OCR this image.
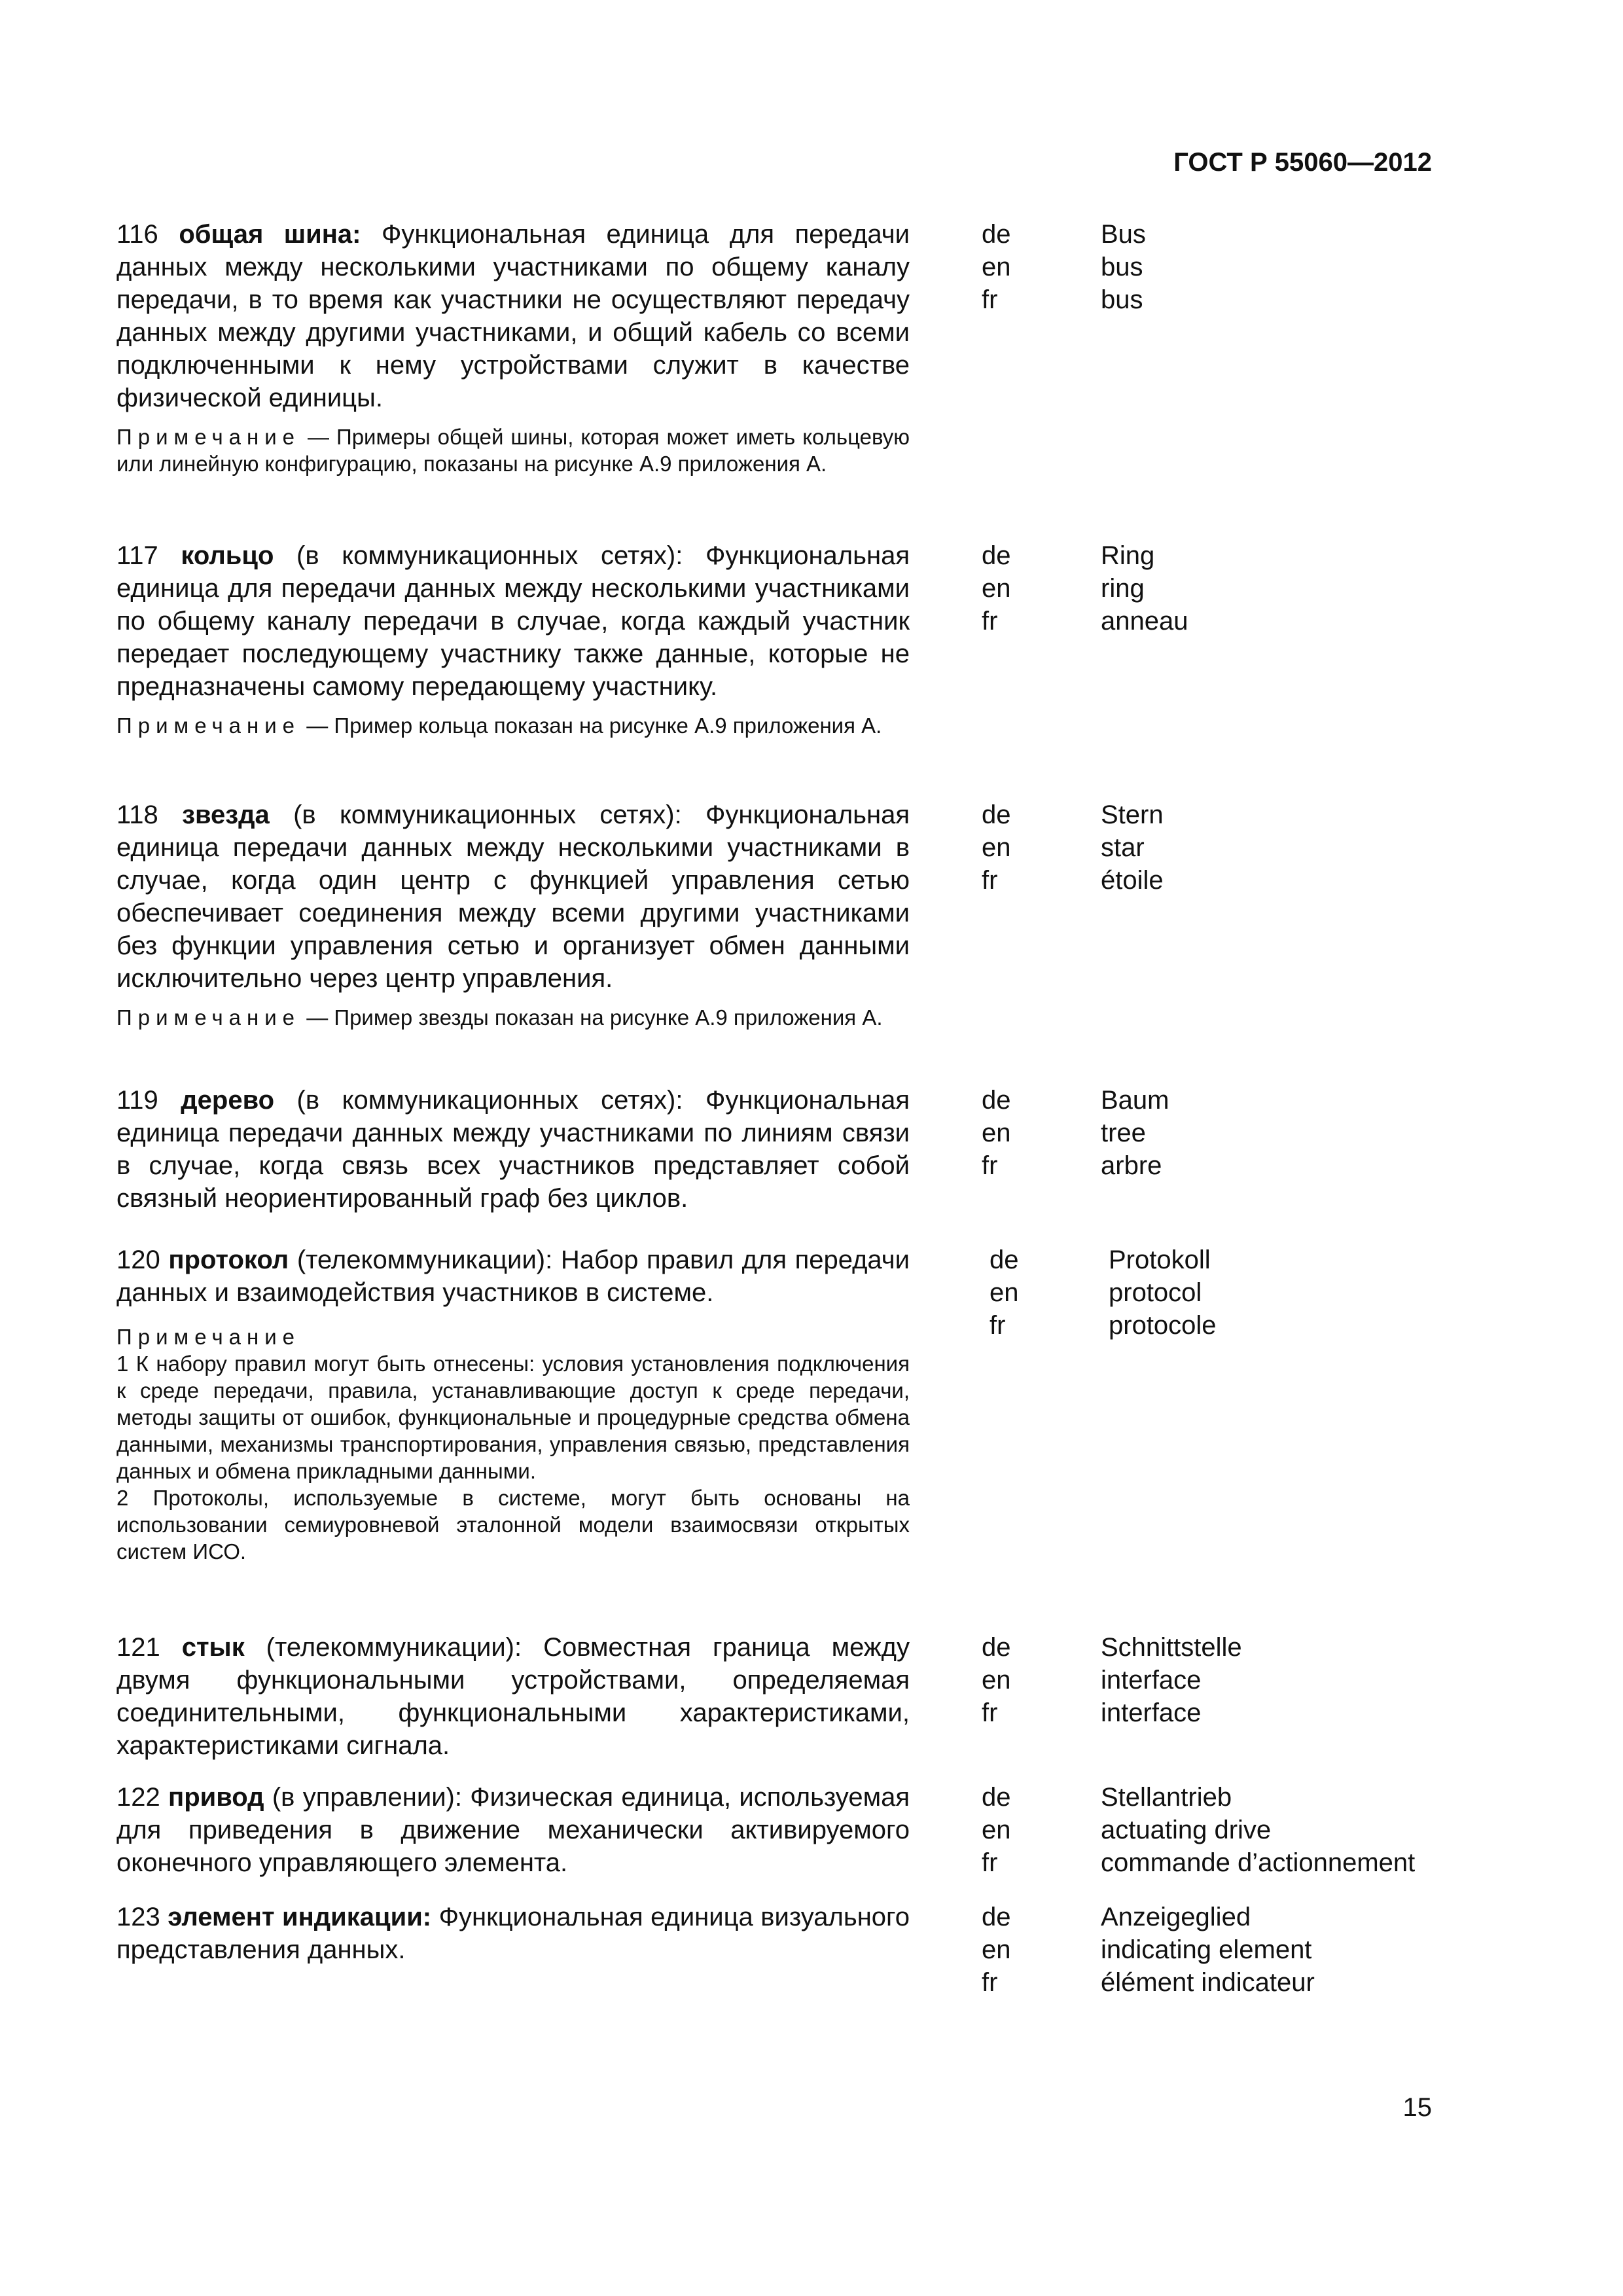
ГОСТ Р 55060—2012

116 общая шина: Функциональная единица для передачи данных между несколькими участниками по общему каналу передачи, в то время как участники не осуществляют передачу данных между другими участниками, и общий кабель со всеми подключенными к нему устройствами служит в качестве физической единицы.

Примечание — Примеры общей шины, которая может иметь кольцевую или линейную конфигурацию, показаны на рисунке А.9 приложения А.
de	Bus
en	bus
fr	bus

117 кольцо (в коммуникационных сетях): Функциональная единица для передачи данных между несколькими участниками по общему каналу передачи в случае, когда каждый участник передает последующему участнику также данные, которые не предназначены самому передающему участнику.

Примечание — Пример кольца показан на рисунке А.9 приложения А.
de	Ring
en	ring
fr	anneau

118 звезда (в коммуникационных сетях): Функциональная единица передачи данных между несколькими участниками в случае, когда один центр с функцией управления сетью обеспечивает соединения между всеми другими участниками без функции управления сетью и организует обмен данными исключительно через центр управления.

Примечание — Пример звезды показан на рисунке А.9 приложения А.
de	Stern
en	star
fr	étoile

119 дерево (в коммуникационных сетях): Функциональная единица передачи данных между участниками по линиям связи в случае, когда связь всех участников представляет собой связный неориентированный граф без циклов.

de	Baum
en	tree
fr	arbre

120 протокол (телекоммуникации): Набор правил для передачи данных и взаимодействия участников в системе.

Примечание

1 К набору правил могут быть отнесены: условия установления подключения к среде передачи, правила, устанавливающие доступ к среде передачи, методы защиты от ошибок, функциональные и процедурные средства обмена данными, механизмы транспортирования, управления связью, представления данных и обмена прикладными данными.

2 Протоколы, используемые в системе, могут быть основаны на использовании семиуровневой эталонной модели взаимосвязи открытых систем ИСО.

de	Protokoll
en	protocol
fr	protocole

121 стык (телекоммуникации): Совместная граница между двумя функциональными устройствами, определяемая соединительными, функциональными характеристиками, характеристиками сигнала.

de	Schnittstelle
en	interface
fr	interface

122 привод (в управлении): Физическая единица, используемая для приведения в движение механически активируемого оконечного управляющего элемента.

de	Stellantrieb
en	actuating drive
fr	commande d’actionnement

123 элемент индикации: Функциональная единица визуального представления данных.

de	Anzeigeglied
en	indicating element
fr	élément indicateur
15
